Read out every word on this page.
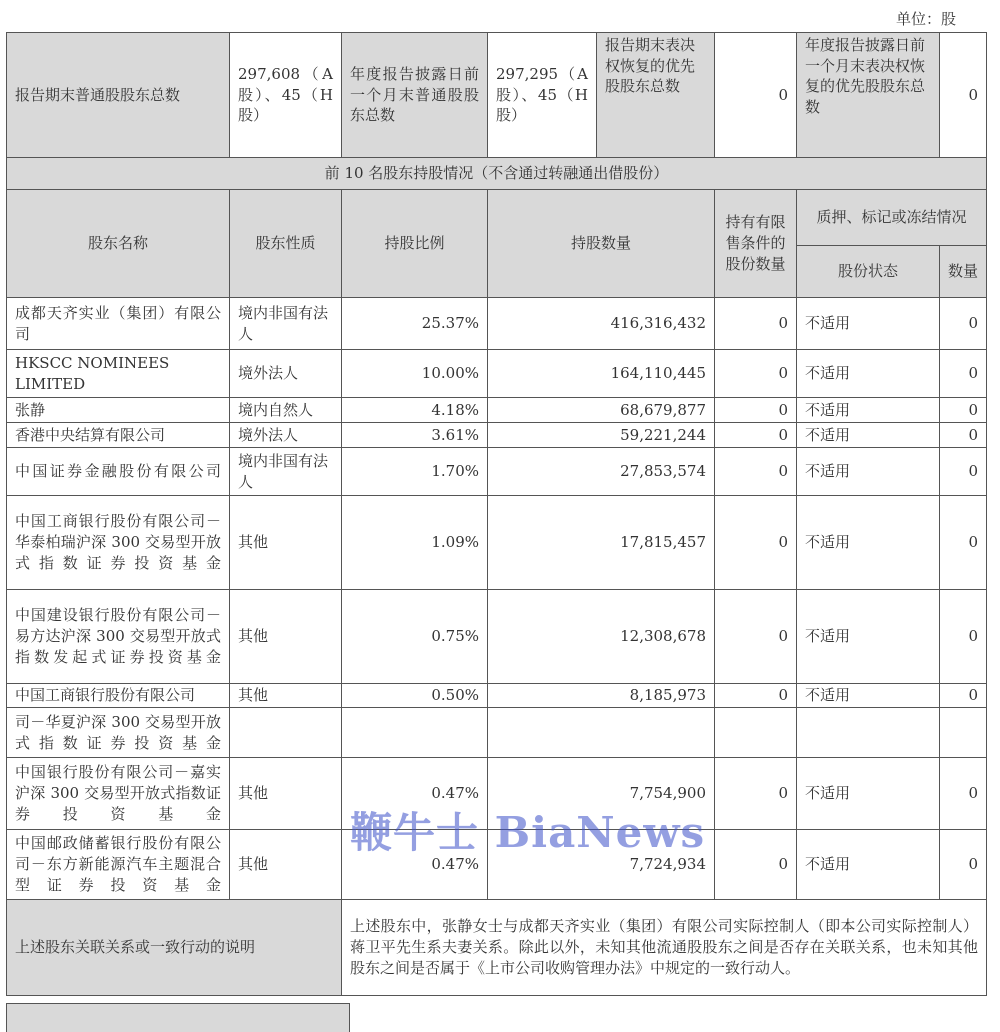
单位：股
报告期末普通股股东总数	297,608（A股）、45（H股）	年度报告披露日前一个月末普通股股东总数	297,295（A股）、45（H股）	报告期末表决权恢复的优先股股东总数	0	年度报告披露日前一个月末表决权恢复的优先股股东总数	0
前 10 名股东持股情况（不含通过转融通出借股份）							
股东名称	股东性质	持股比例	持股数量		持有有限售条件的股份数量	质押、标记或冻结情况	
						股份状态	数量
成都天齐实业（集团）有限公司	境内非国有法人	25.37%	416,316,432		0	不适用	0
HKSCC NOMINEES LIMITED	境外法人	10.00%	164,110,445		0	不适用	0
张静	境内自然人	4.18%	68,679,877		0	不适用	0
香港中央结算有限公司	境外法人	3.61%	59,221,244		0	不适用	0
中国证券金融股份有限公司	境内非国有法人	1.70%	27,853,574		0	不适用	0
中国工商银行股份有限公司－华泰柏瑞沪深 300 交易型开放式指数证券投资基金	其他	1.09%	17,815,457		0	不适用	0
中国建设银行股份有限公司－易方达沪深 300 交易型开放式指数发起式证券投资基金	其他	0.75%	12,308,678		0	不适用	0
中国工商银行股份有限公司	其他	0.50%	8,185,973		0	不适用	0
司－华夏沪深 300 交易型开放式指数证券投资基金							
中国银行股份有限公司－嘉实沪深 300 交易型开放式指数证券投资基金	其他	0.47%	7,754,900		0	不适用	0
中国邮政储蓄银行股份有限公司－东方新能源汽车主题混合型证券投资基金	其他	0.47%	7,724,934		0	不适用	0
上述股东关联关系或一致行动的说明		上述股东中，张静女士与成都天齐实业（集团）有限公司实际控制人（即本公司实际控制人）蒋卫平先生系夫妻关系。除此以外，未知其他流通股股东之间是否存在关联关系，也未知其他股东之间是否属于《上市公司收购管理办法》中规定的一致行动人。					
鞭牛士 BiaNews
